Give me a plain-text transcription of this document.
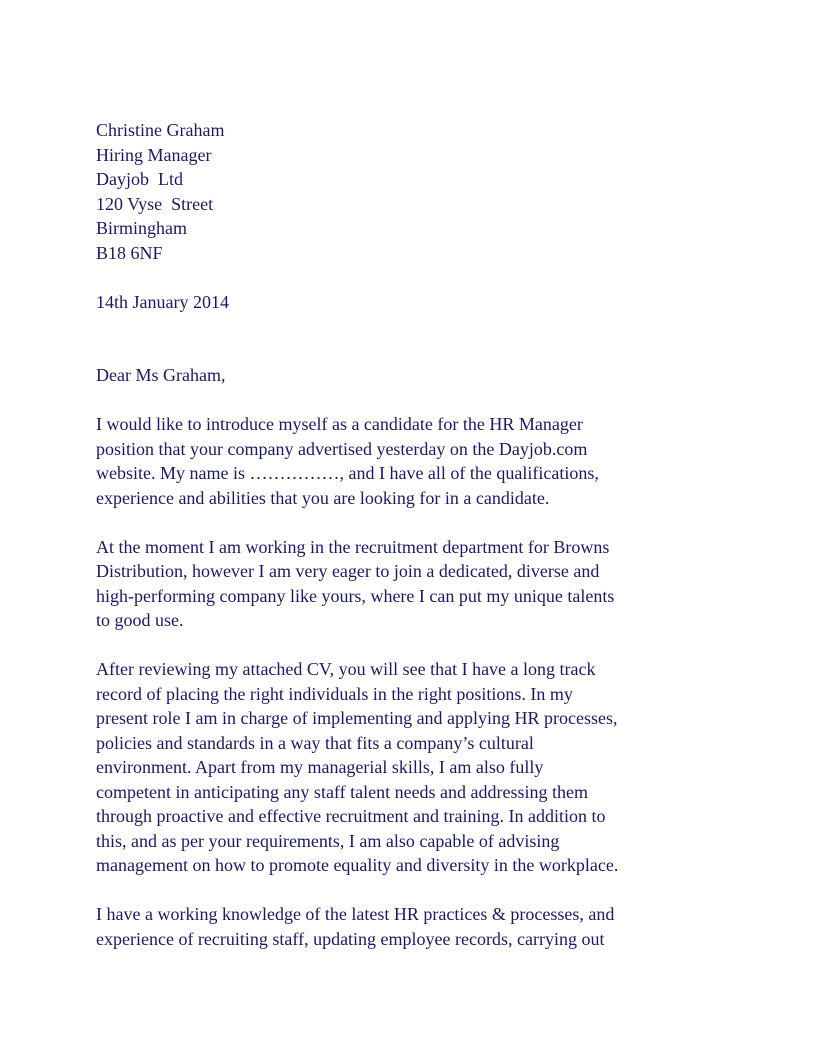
Christine Graham
Hiring Manager
Dayjob  Ltd
120 Vyse  Street
Birmingham
B18 6NF
14th January 2014
Dear Ms Graham,
I would like to introduce myself as a candidate for the HR Manager
position that your company advertised yesterday on the Dayjob.com
website. My name is ……………, and I have all of the qualifications,
experience and abilities that you are looking for in a candidate.
At the moment I am working in the recruitment department for Browns
Distribution, however I am very eager to join a dedicated, diverse and
high-performing company like yours, where I can put my unique talents
to good use.
After reviewing my attached CV, you will see that I have a long track
record of placing the right individuals in the right positions. In my
present role I am in charge of implementing and applying HR processes,
policies and standards in a way that fits a company’s cultural
environment. Apart from my managerial skills, I am also fully
competent in anticipating any staff talent needs and addressing them
through proactive and effective recruitment and training. In addition to
this, and as per your requirements, I am also capable of advising
management on how to promote equality and diversity in the workplace.
I have a working knowledge of the latest HR practices & processes, and
experience of recruiting staff, updating employee records, carrying out
